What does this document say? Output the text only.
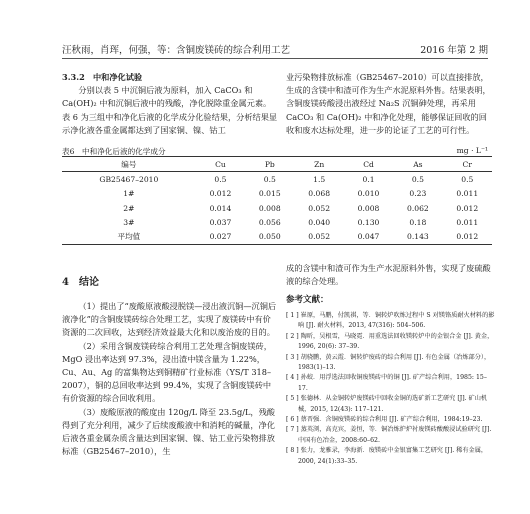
汪秋雨，肖珲，何强，等：含铜废镁砖的综合利用工艺	2016 年第 2 期

3.3.2　中和净化试验

分别以表 5 中沉铜后液为原料，加入 CaCO₃ 和 Ca(OH)₂ 中和沉铜后液中的残酸，净化脱除重金属元素。表 6 为三组中和净化后液的化学成分化验结果，分析结果显示净化液各重金属都达到了国家铜、镍、钴工

业污染物排放标准（GB25467–2010）可以直接排放，生成的含镁中和渣可作为生产水泥原料外售。结果表明，含铜废镁砖酸浸出液经过 Na₂S 沉铜砷处理，再采用 CaCO₃ 和 Ca(OH)₂ 中和净化处理，能够保证回收的回收和废水达标处理，进一步的论证了工艺的可行性。

表6　中和净化后液的化学成分	mg · L⁻¹
编号	Cu	Pb	Zn	Cd	As	Cr
GB25467–2010	0.5	0.5	1.5	0.1	0.5	0.5
1#	0.012	0.015	0.068	0.010	0.23	0.011
2#	0.014	0.008	0.052	0.008	0.062	0.012
3#	0.037	0.056	0.040	0.130	0.18	0.011
平均值	0.027	0.050	0.052	0.047	0.143	0.012
4　结论

（1）提出了“废酸原液酸浸脱镁—浸出液沉铜—沉铜后液净化”的含铜废镁砖综合处理工艺，实现了废镁砖中有价资源的二次回收，达到经济效益最大化和以废治废的目的。

（2）采用含铜废镁砖综合利用工艺处理含铜废镁砖，MgO 浸出率达到 97.3%，浸出渣中镁含量为 1.22%，Cu、Au、Ag 的富集物达到铜精矿行业标准（YS/T 318–2007），铜的总回收率达到 99.4%，实现了含铜废镁砖中有价资源的综合回收利用。

（3）废酸原液的酸度由 120g/L 降至 23.5g/L，残酸得到了充分利用，减少了后续废酸液中和消耗的碱量，净化后液各重金属杂质含量达到国家铜、镍、钴工业污染物排放标准（GB25467–2010），生

成的含镁中和渣可作为生产水泥原料外售，实现了废硫酸液的综合处理。

参考文献：
[ 1 ] 崔原，马鹏，付凯祺，等．铜转炉吹炼过程中 S 对镁铬质耐火材料的影响 [J]. 耐火材料，2013, 47(316): 504–506.
[ 2 ] 陶昕，吴根雪，马晓霓．用重选法回收镁转炉中的金银合金 [J]. 黄金，1996, 20(6): 37–39.
[ 3 ] 胡骁鹏，黄云霞．铜转炉废砖的综合利用 [J]. 有色金属（冶炼部分），1983(1)–13.
[ 4 ] 孙蛟．用浮选法回收铜废镁砖中的铜 [J]. 矿产综合利用，1985: 15–17.
[ 5 ] 张德林．从金铜转炉废镁砖中回收金铜的选矿新工艺研究 [J]. 矿山机械，2015, 12(43): 117–121.
[ 6 ] 蔡晋强．含铜废镁砖的综合利用 [J]. 矿产综合利用，1984:19–23.
[ 7 ] 蒸英浏，高克宾，姜恒，等．铜冶炼炉炉衬废镁砖酸酸浸试验研究 [J]. 中国有色冶金，2008:60–62.
[ 8 ] 张力，龙雅录，李海新．废镁砖中金银富集工艺研究 [J]. 稀有金属，2000, 24(1):33–35.
